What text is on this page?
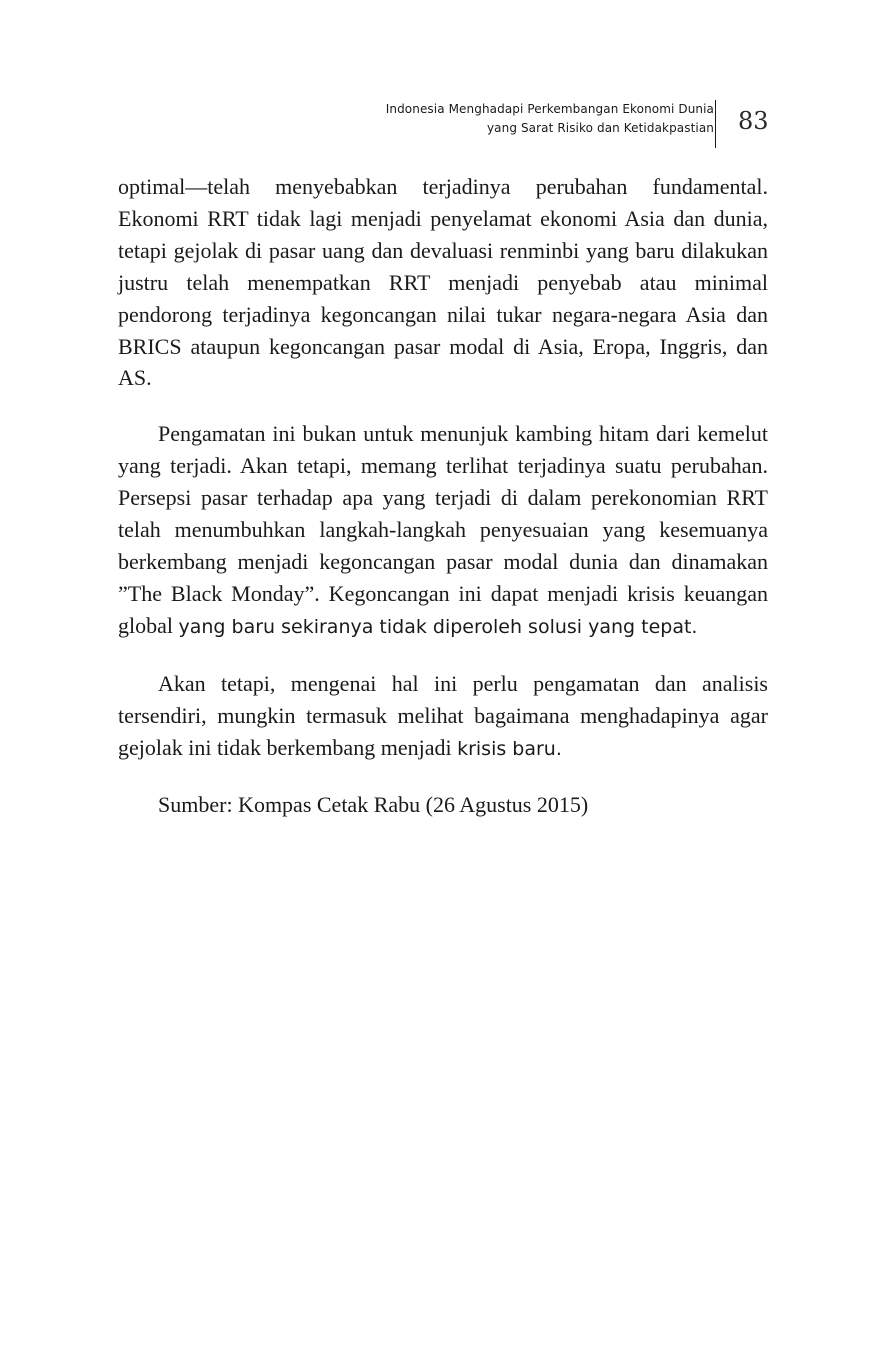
Indonesia Menghadapi Perkembangan Ekonomi Dunia
yang Sarat Risiko dan Ketidakpastian 83

optimal—telah menyebabkan terjadinya perubahan fundamental. Ekonomi RRT tidak lagi menjadi penyelamat ekonomi Asia dan dunia, tetapi gejolak di pasar uang dan devaluasi renminbi yang baru dilakukan justru telah menempatkan RRT menjadi penyebab atau minimal pendorong terjadinya kegoncangan nilai tukar negara-negara Asia dan BRICS ataupun kegoncangan pasar modal di Asia, Eropa, Inggris, dan AS.

Pengamatan ini bukan untuk menunjuk kambing hitam dari kemelut yang terjadi. Akan tetapi, memang terlihat terjadinya suatu perubahan. Persepsi pasar terhadap apa yang terjadi di dalam perekonomian RRT telah menumbuhkan langkah-langkah penyesuaian yang kesemuanya berkembang menjadi kegoncangan pasar modal dunia dan dinamakan ”The Black Monday”. Kegoncangan ini dapat menjadi krisis keuangan global yang baru sekiranya tidak diperoleh solusi yang tepat.

Akan tetapi, mengenai hal ini perlu pengamatan dan analisis tersendiri, mungkin termasuk melihat bagaimana menghadapinya agar gejolak ini tidak berkembang menjadi krisis baru.

Sumber: Kompas Cetak Rabu (26 Agustus 2015)
